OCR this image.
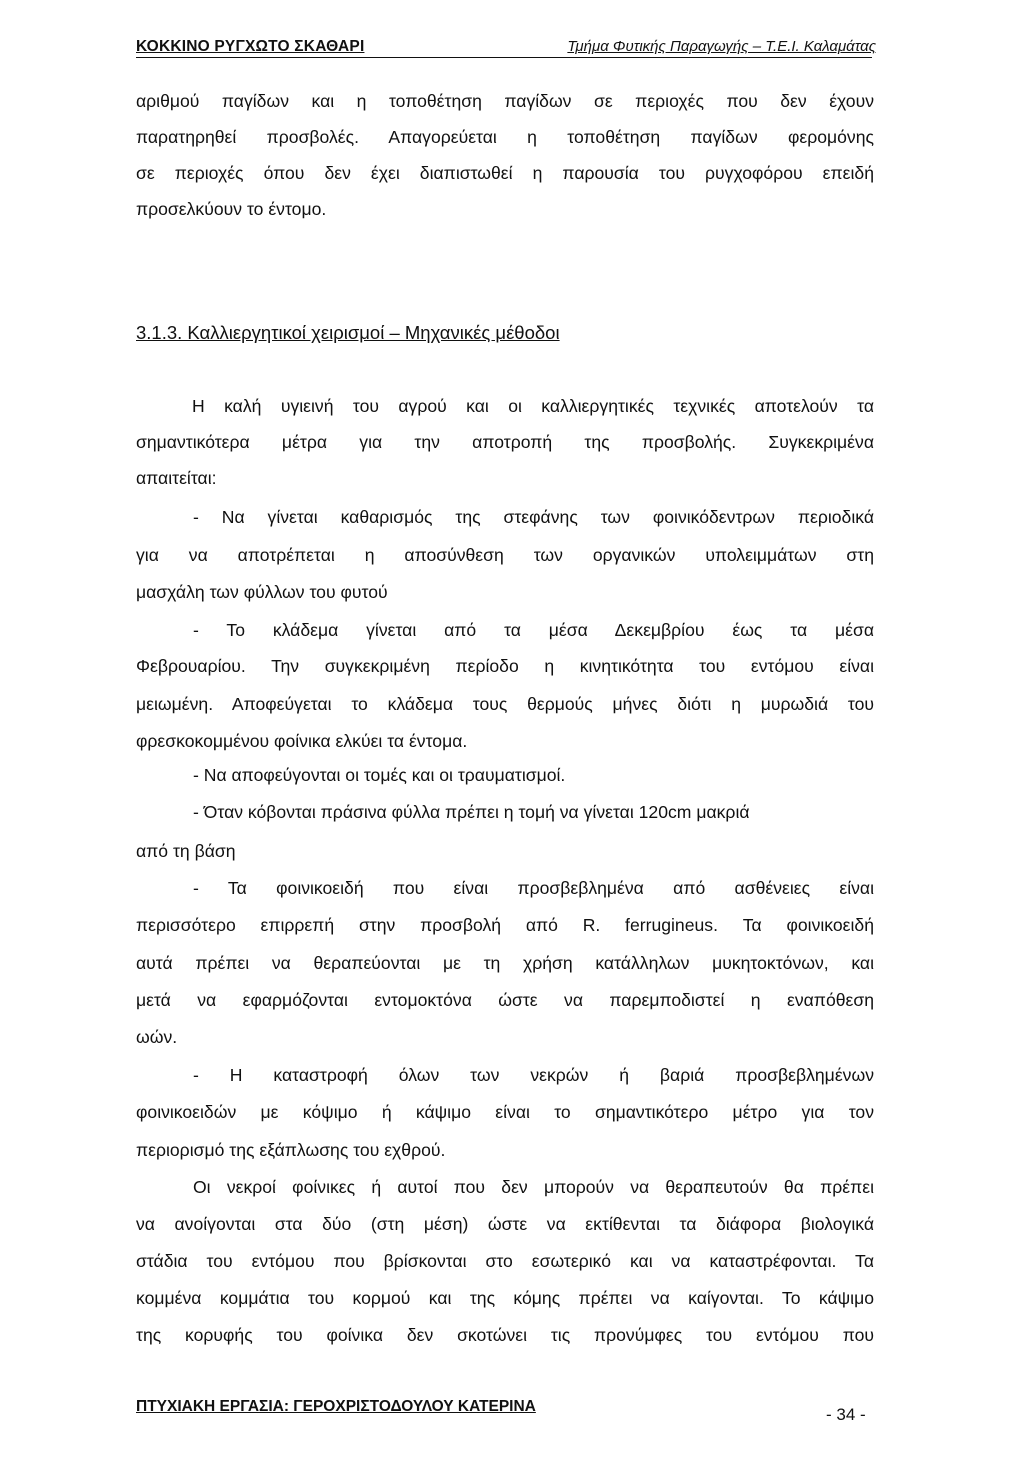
ΚΟΚΚΙΝΟ ΡΥΓΧΩΤΟ ΣΚΑΘΑΡΙ	Τμήμα Φυτικής Παραγωγής – Τ.Ε.Ι. Καλαμάτας
αριθμού παγίδων και η τοποθέτηση παγίδων σε περιοχές που δεν έχουν
παρατηρηθεί προσβολές. Απαγορεύεται η τοποθέτηση παγίδων φερομόνης
σε περιοχές όπου δεν έχει διαπιστωθεί η παρουσία του ρυγχοφόρου επειδή
προσελκύουν το έντομο.
3.1.3. Καλλιεργητικοί χειρισμοί – Μηχανικές μέθοδοι
Η καλή υγιεινή του αγρού και οι καλλιεργητικές τεχνικές αποτελούν τα
σημαντικότερα μέτρα για την αποτροπή της προσβολής. Συγκεκριμένα
απαιτείται:
- Να γίνεται καθαρισμός της στεφάνης των φοινικόδεντρων περιοδικά
για να αποτρέπεται η αποσύνθεση των οργανικών υπολειμμάτων στη
μασχάλη των φύλλων του φυτού
- Το κλάδεμα γίνεται από τα μέσα Δεκεμβρίου έως τα μέσα
Φεβρουαρίου. Την συγκεκριμένη περίοδο η κινητικότητα του εντόμου είναι
μειωμένη. Αποφεύγεται το κλάδεμα τους θερμούς μήνες διότι η μυρωδιά του
φρεσκοκομμένου φοίνικα ελκύει τα έντομα.
- Να αποφεύγονται οι τομές και οι τραυματισμοί.
- Όταν κόβονται πράσινα φύλλα πρέπει η τομή να γίνεται 120cm μακριά
από τη βάση
- Τα φοινικοειδή που είναι προσβεβλημένα από ασθένειες είναι
περισσότερο επιρρεπή στην προσβολή από R. ferrugineus. Τα φοινικοειδή
αυτά πρέπει να θεραπεύονται με τη χρήση κατάλληλων μυκητοκτόνων, και
μετά να εφαρμόζονται εντομοκτόνα ώστε να παρεμποδιστεί η εναπόθεση
ωών.
- Η καταστροφή όλων των νεκρών ή βαριά προσβεβλημένων
φοινικοειδών με κόψιμο ή κάψιμο είναι το σημαντικότερο μέτρο για τον
περιορισμό της εξάπλωσης του εχθρού.
Οι νεκροί φοίνικες ή αυτοί που δεν μπορούν να θεραπευτούν θα πρέπει
να ανοίγονται στα δύο (στη μέση) ώστε να εκτίθενται τα διάφορα βιολογικά
στάδια του εντόμου που βρίσκονται στο εσωτερικό και να καταστρέφονται. Τα
κομμένα κομμάτια του κορμού και της κόμης πρέπει να καίγονται. Το κάψιμο
της κορυφής του φοίνικα δεν σκοτώνει τις προνύμφες του εντόμου που
ΠΤΥΧΙΑΚΗ ΕΡΓΑΣΙΑ: ΓΕΡΟΧΡΙΣΤΟΔΟΥΛΟΥ ΚΑΤΕΡΙΝΑ	- 34 -
